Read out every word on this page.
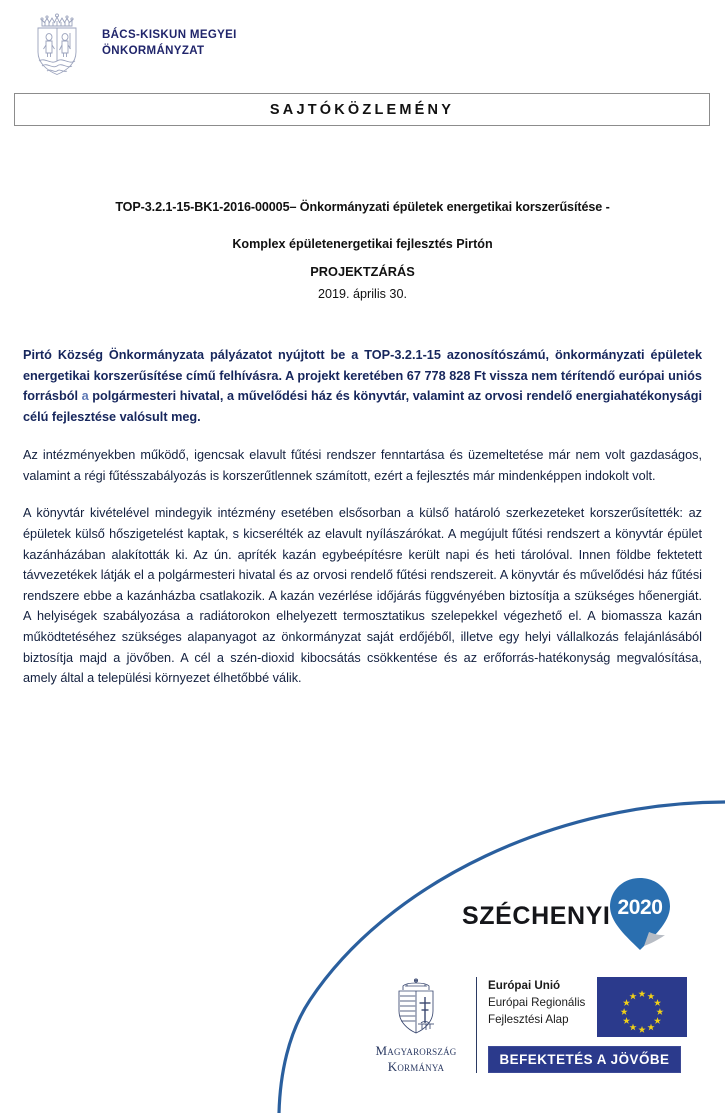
BÁCS-KISKUN MEGYEI
ÖNKORMÁNYZAT
SAJTÓKÖZLEMÉNY
TOP-3.2.1-15-BK1-2016-00005– Önkormányzati épületek energetikai korszerűsítése -
Komplex épületenergetikai fejlesztés Pirtón
PROJEKTZÁRÁS
2019. április 30.

Pirtó Község Önkormányzata pályázatot nyújtott be a TOP-3.2.1-15 azonosítószámú, önkormányzati épületek energetikai korszerűsítése című felhívásra. A projekt keretében 67 778 828 Ft vissza nem térítendő európai uniós forrásból a polgármesteri hivatal, a művelődési ház és könyvtár, valamint az orvosi rendelő energiahatékonysági célú fejlesztése valósult meg.

Az intézményekben működő, igencsak elavult fűtési rendszer fenntartása és üzemeltetése már nem volt gazdaságos, valamint a régi fűtésszabályozás is korszerűtlennek számított, ezért a fejlesztés már mindenképpen indokolt volt.

A könyvtár kivételével mindegyik intézmény esetében elsősorban a külső határoló szerkezeteket korszerűsítették: az épületek külső hőszigetelést kaptak, s kicserélték az elavult nyílászárókat. A megújult fűtési rendszert a könyvtár épület kazánházában alakították ki. Az ún. apríték kazán egybeépítésre került napi és heti tárolóval. Innen földbe fektetett távvezetékek látják el a polgármesteri hivatal és az orvosi rendelő fűtési rendszereit. A könyvtár és művelődési ház fűtési rendszere ebbe a kazánházba csatlakozik. A kazán vezérlése időjárás függvényében biztosítja a szükséges hőenergiát. A helyiségek szabályozása a radiátorokon elhelyezett termosztatikus szelepekkel végezhető el. A biomassza kazán működtetéséhez szükséges alapanyagot az önkormányzat saját erdőjéből, illetve egy helyi vállalkozás felajánlásából biztosítja majd a jövőben. A cél a szén-dioxid kibocsátás csökkentése és az erőforrás-hatékonyság megvalósítása, amely által a települési környezet élhetőbbé válik.

SZÉCHENYI 2020
Magyarország
Kormánya
Európai Unió
Európai Regionális
Fejlesztési Alap
BEFEKTETÉS A JÖVŐBE
